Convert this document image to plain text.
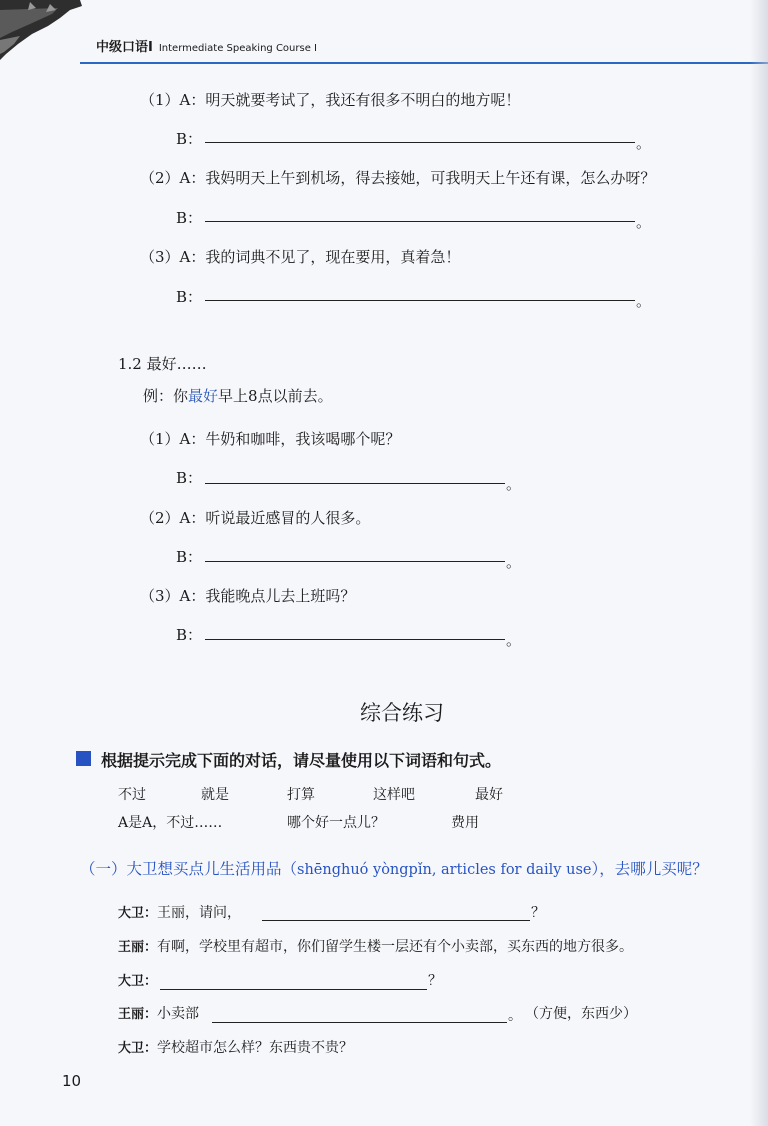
中级口语Ⅰ Intermediate Speaking Course Ⅰ
（1）A：明天就要考试了，我还有很多不明白的地方呢！
B：	。
（2）A：我妈明天上午到机场，得去接她，可我明天上午还有课，怎么办呀？
B：	。
（3）A：我的词典不见了，现在要用，真着急！
B：	。
1.2 最好……
例：你最好早上8点以前去。
（1）A：牛奶和咖啡，我该喝哪个呢？
B：	。
（2）A：听说最近感冒的人很多。
B：	。
（3）A：我能晚点儿去上班吗？
B：	。
综合练习
根据提示完成下面的对话，请尽量使用以下词语和句式。
不过	就是	打算	这样吧	最好
A是A，不过……	哪个好一点儿？	费用
（一）大卫想买点儿生活用品（shēnghuó yòngpǐn, articles for daily use），去哪儿买呢？
大卫：王丽，请问，	？
王丽：有啊，学校里有超市，你们留学生楼一层还有个小卖部，买东西的地方很多。
大卫：	？
王丽：小卖部	。 （方便，东西少）
大卫：学校超市怎么样？东西贵不贵？
10
